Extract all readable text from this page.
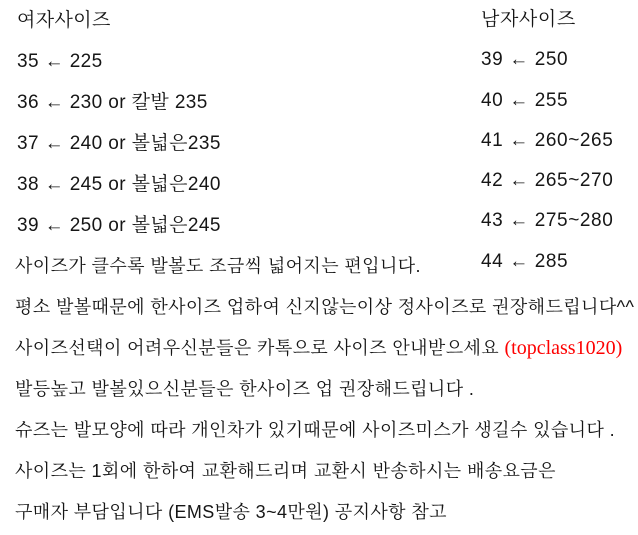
여자사이즈
35 ← 225
36 ← 230 or 칼발 235
37 ← 240 or 볼넓은235
38 ← 245 or 볼넓은240
39 ← 250 or 볼넓은245
사이즈가 클수록 발볼도 조금씩 넓어지는 편입니다.
평소 발볼때문에 한사이즈 업하여 신지않는이상 정사이즈로 권장해드립니다^^
사이즈선택이 어려우신분들은 카톡으로 사이즈 안내받으세요 (topclass1020)
발등높고 발볼있으신분들은 한사이즈 업 권장해드립니다 .
슈즈는 발모양에 따라 개인차가 있기때문에 사이즈미스가 생길수 있습니다 .
사이즈는 1회에 한하여 교환해드리며 교환시 반송하시는 배송요금은
구매자 부담입니다 (EMS발송 3~4만원) 공지사항 참고
남자사이즈
39 ← 250
40 ← 255
41 ← 260~265
42 ← 265~270
43 ← 275~280
44 ← 285
